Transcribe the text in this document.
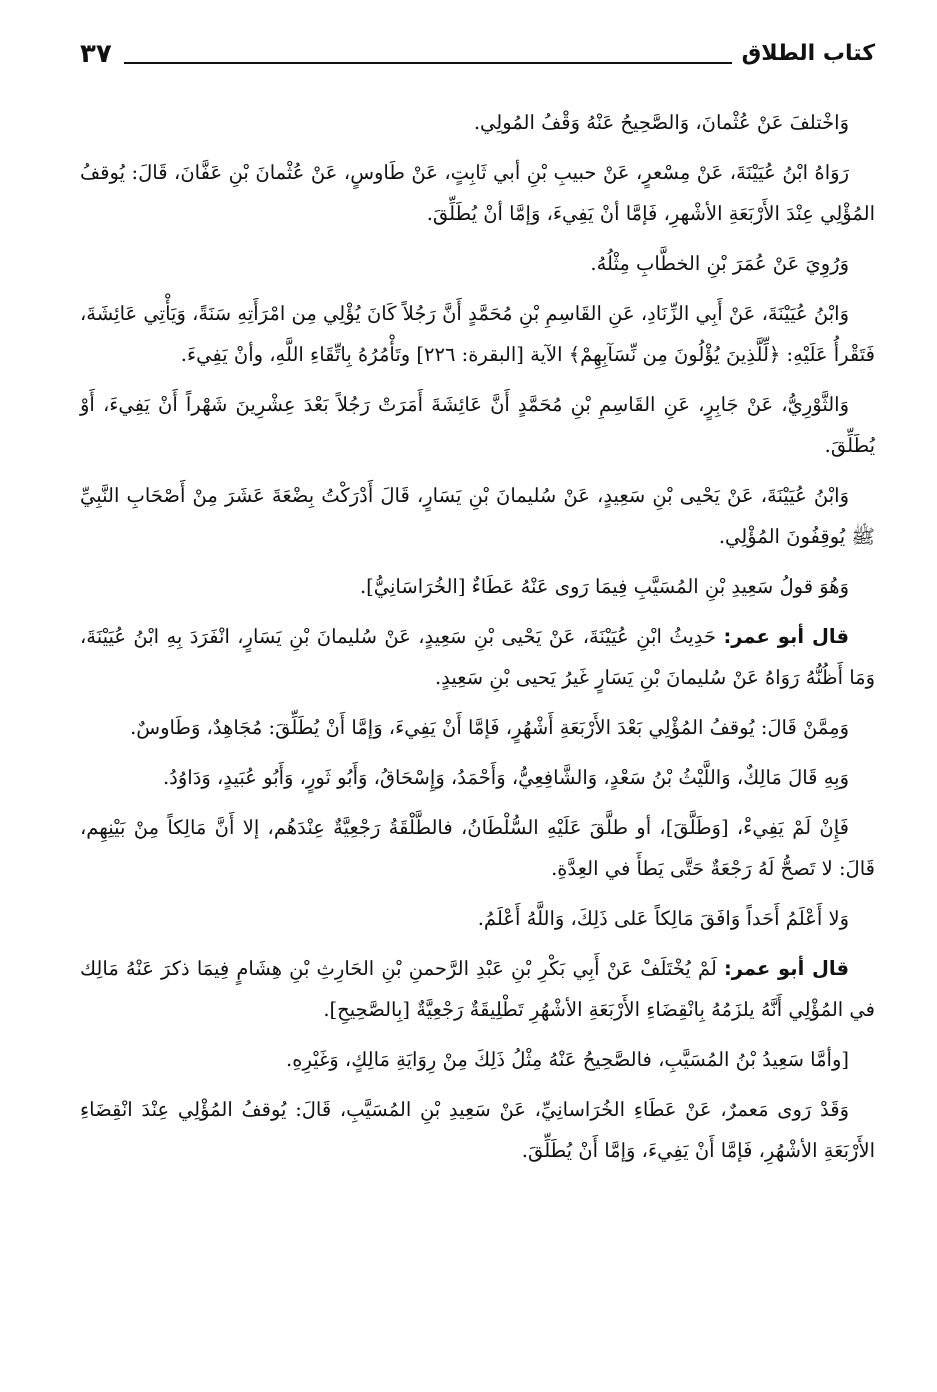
كتاب الطلاق
٣٧

وَاخْتلفَ عَنْ عُثْمانَ، وَالصَّحِيحُ عَنْهُ وَقْفُ المُولِي.

رَوَاهُ ابْنُ عُيَيْنَةَ، عَنْ مِسْعرٍ، عَنْ حبيبِ بْنِ أبي ثَابِتٍ، عَنْ طَاوسٍ، عَنْ عُثْمانَ بْنِ عَفَّانَ، قَالَ: يُوقفُ المُؤْلِي عِنْدَ الأَرْبَعَةِ الأشْهرِ، فَإمَّا أنْ يَفِيءَ، وَإمَّا أنْ يُطَلِّقَ.

وَرُوِيَ عَنْ عُمَرَ بْنِ الخطَّابِ مِثْلُهُ.

وَابْنُ عُيَيْنَةَ، عَنْ أَبِي الزِّنَادِ، عَنِ القَاسِمِ بْنِ مُحَمَّدٍ أَنَّ رَجُلاً كَانَ يُؤْلِي مِن امْرَأَتِهِ سَنَةً، وَيَأْتِي عَائِشَةَ، فَتَقْرأُ عَلَيْهِ: ﴿لِّلَّذِينَ يُؤْلُونَ مِن نِّسَآبِهِمْ﴾ الآية [البقرة: ٢٢٦] وتَأْمُرُهُ بِاتِّقَاءِ اللَّهِ، وأنْ يَفِيءَ.

وَالثَّوْرِيُّ، عَنْ جَابِرٍ، عَنِ القَاسِمِ بْنِ مُحَمَّدٍ أَنَّ عَائِشَةَ أَمَرَتْ رَجُلاً بَعْدَ عِشْرِينَ شَهْراً أَنْ يَفِيءَ، أَوْ يُطَلِّقَ.

وَابْنُ عُيَيْنَةَ، عَنْ يَحْيى بْنِ سَعِيدٍ، عَنْ سُليمانَ بْنِ يَسَارٍ، قَالَ أَدْرَكْتُ بِضْعَةَ عَشَرَ مِنْ أَصْحَابِ النَّبِيِّ ﷺ يُوقِفُونَ المُؤْلِي.

وَهُوَ قولُ سَعِيدِ بْنِ المُسَيَّبِ فِيمَا رَوى عَنْهُ عَطَاءٌ [الخُرَاسَانِيُّ].

قال أبو عمر: حَدِيثُ ابْنِ عُيَيْنَةَ، عَنْ يَحْيى بْنِ سَعِيدٍ، عَنْ سُليمانَ بْنِ يَسَارٍ، انْفَرَدَ بِهِ ابْنُ عُيَيْنَةَ، وَمَا أَظُنُّهُ رَوَاهُ عَنْ سُليمانَ بْنِ يَسَارٍ غَيرُ يَحيى بْنِ سَعِيدٍ.

وَمِمَّنْ قَالَ: يُوقفُ المُؤْلِي بَعْدَ الأَرْبَعَةِ أَشْهُرٍ، فَإمَّا أَنْ يَفِيءَ، وَإمَّا أَنْ يُطَلِّقَ: مُجَاهِدٌ، وَطَاوسٌ.

وَبِهِ قَالَ مَالِكٌ، وَاللَّيْثُ بْنُ سَعْدٍ، وَالشَّافِعِيُّ، وَأَحْمَدُ، وَإِسْحَاقُ، وَأَبُو ثَورٍ، وَأَبُو عُبَيدٍ، وَدَاوُدُ.

فَإِنْ لَمْ يَفِيءْ، [وَطَلَّقَ]، أو طلَّقَ عَلَيْهِ السُّلْطَانُ، فالطَّلْقَةُ رَجْعِيَّةٌ عِنْدَهُم، إلا أَنَّ مَالِكاً مِنْ بَيْنِهِم، قَالَ: لا تَصحُّ لَهُ رَجْعَةٌ حَتَّى يَطأَ في العِدَّةِ.

وَلا أَعْلَمُ أَحَداً وَافَقَ مَالِكاً عَلى ذَلِكَ، وَاللَّهُ أَعْلَمُ.

قال أبو عمر: لَمْ يُخْتَلَفْ عَنْ أَبِي بَكْرِ بْنِ عَبْدِ الرَّحمنِ بْنِ الحَارِثِ بْنِ هِشَامٍ فِيمَا ذكرَ عَنْهُ مَالِك في المُؤْلِي أَنَّهُ يلزَمُهُ بِانْقِضَاءِ الأَرْبَعَةِ الأشْهُرِ تَطْلِيقَةٌ رَجْعِيَّةٌ [بِالصَّحِيحِ].

[وأمَّا سَعِيدُ بْنُ المُسَيَّبِ، فالصَّحِيحُ عَنْهُ مِثْلُ ذَلِكَ مِنْ رِوَايَةِ مَالِكٍ، وَغَيْرِهِ.

وَقَدْ رَوى مَعمرٌ، عَنْ عَطَاءِ الخُرَاسانِيِّ، عَنْ سَعِيدِ بْنِ المُسَيَّبِ، قَالَ: يُوقفُ المُؤْلِي عِنْدَ انْقِضَاءِ الأَرْبَعَةِ الأشْهُرِ، فَإمَّا أَنْ يَفِيءَ، وَإمَّا أَنْ يُطَلِّقَ.
